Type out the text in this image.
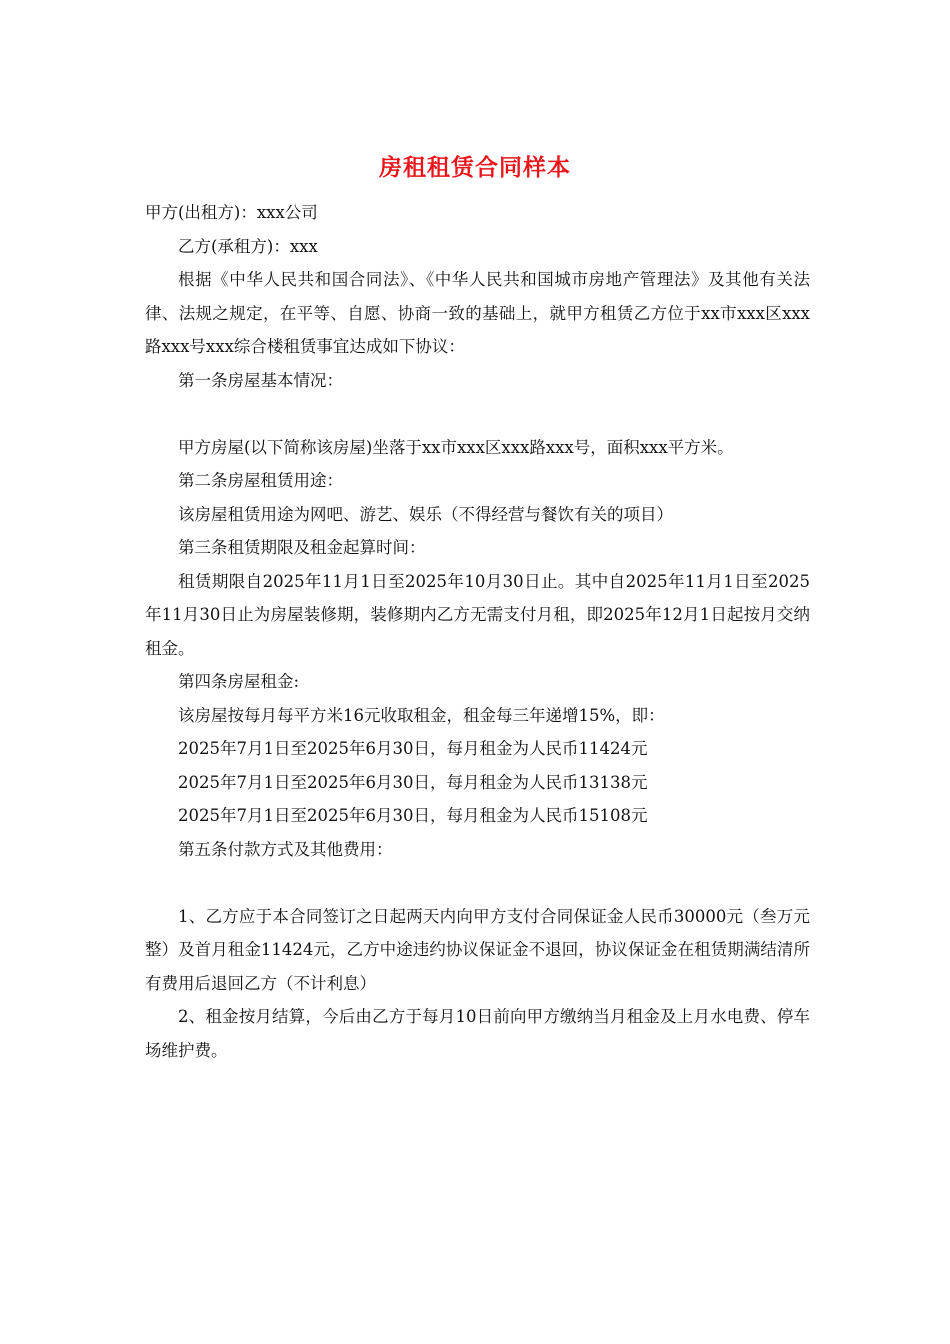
房租租赁合同样本

甲方(出租方)：xxx公司

乙方(承租方)：xxx

根据《中华人民共和国合同法》、《中华人民共和国城市房地产管理法》及其他有关法律、法规之规定，在平等、自愿、协商一致的基础上，就甲方租赁乙方位于xx市xxx区xxx路xxx号xxx综合楼租赁事宜达成如下协议：

第一条房屋基本情况：

甲方房屋(以下简称该房屋)坐落于xx市xxx区xxx路xxx号，面积xxx平方米。

第二条房屋租赁用途：

该房屋租赁用途为网吧、游艺、娱乐（不得经营与餐饮有关的项目）

第三条租赁期限及租金起算时间：

租赁期限自2025年11月1日至2025年10月30日止。其中自2025年11月1日至2025年11月30日止为房屋装修期，装修期内乙方无需支付月租，即2025年12月1日起按月交纳租金。

第四条房屋租金:

该房屋按每月每平方米16元收取租金，租金每三年递增15%，即：

2025年7月1日至2025年6月30日，每月租金为人民币11424元

2025年7月1日至2025年6月30日，每月租金为人民币13138元

2025年7月1日至2025年6月30日，每月租金为人民币15108元

第五条付款方式及其他费用：

1、乙方应于本合同签订之日起两天内向甲方支付合同保证金人民币30000元（叁万元整）及首月租金11424元，乙方中途违约协议保证金不退回，协议保证金在租赁期满结清所有费用后退回乙方（不计利息）

2、租金按月结算，今后由乙方于每月10日前向甲方缴纳当月租金及上月水电费、停车场维护费。
